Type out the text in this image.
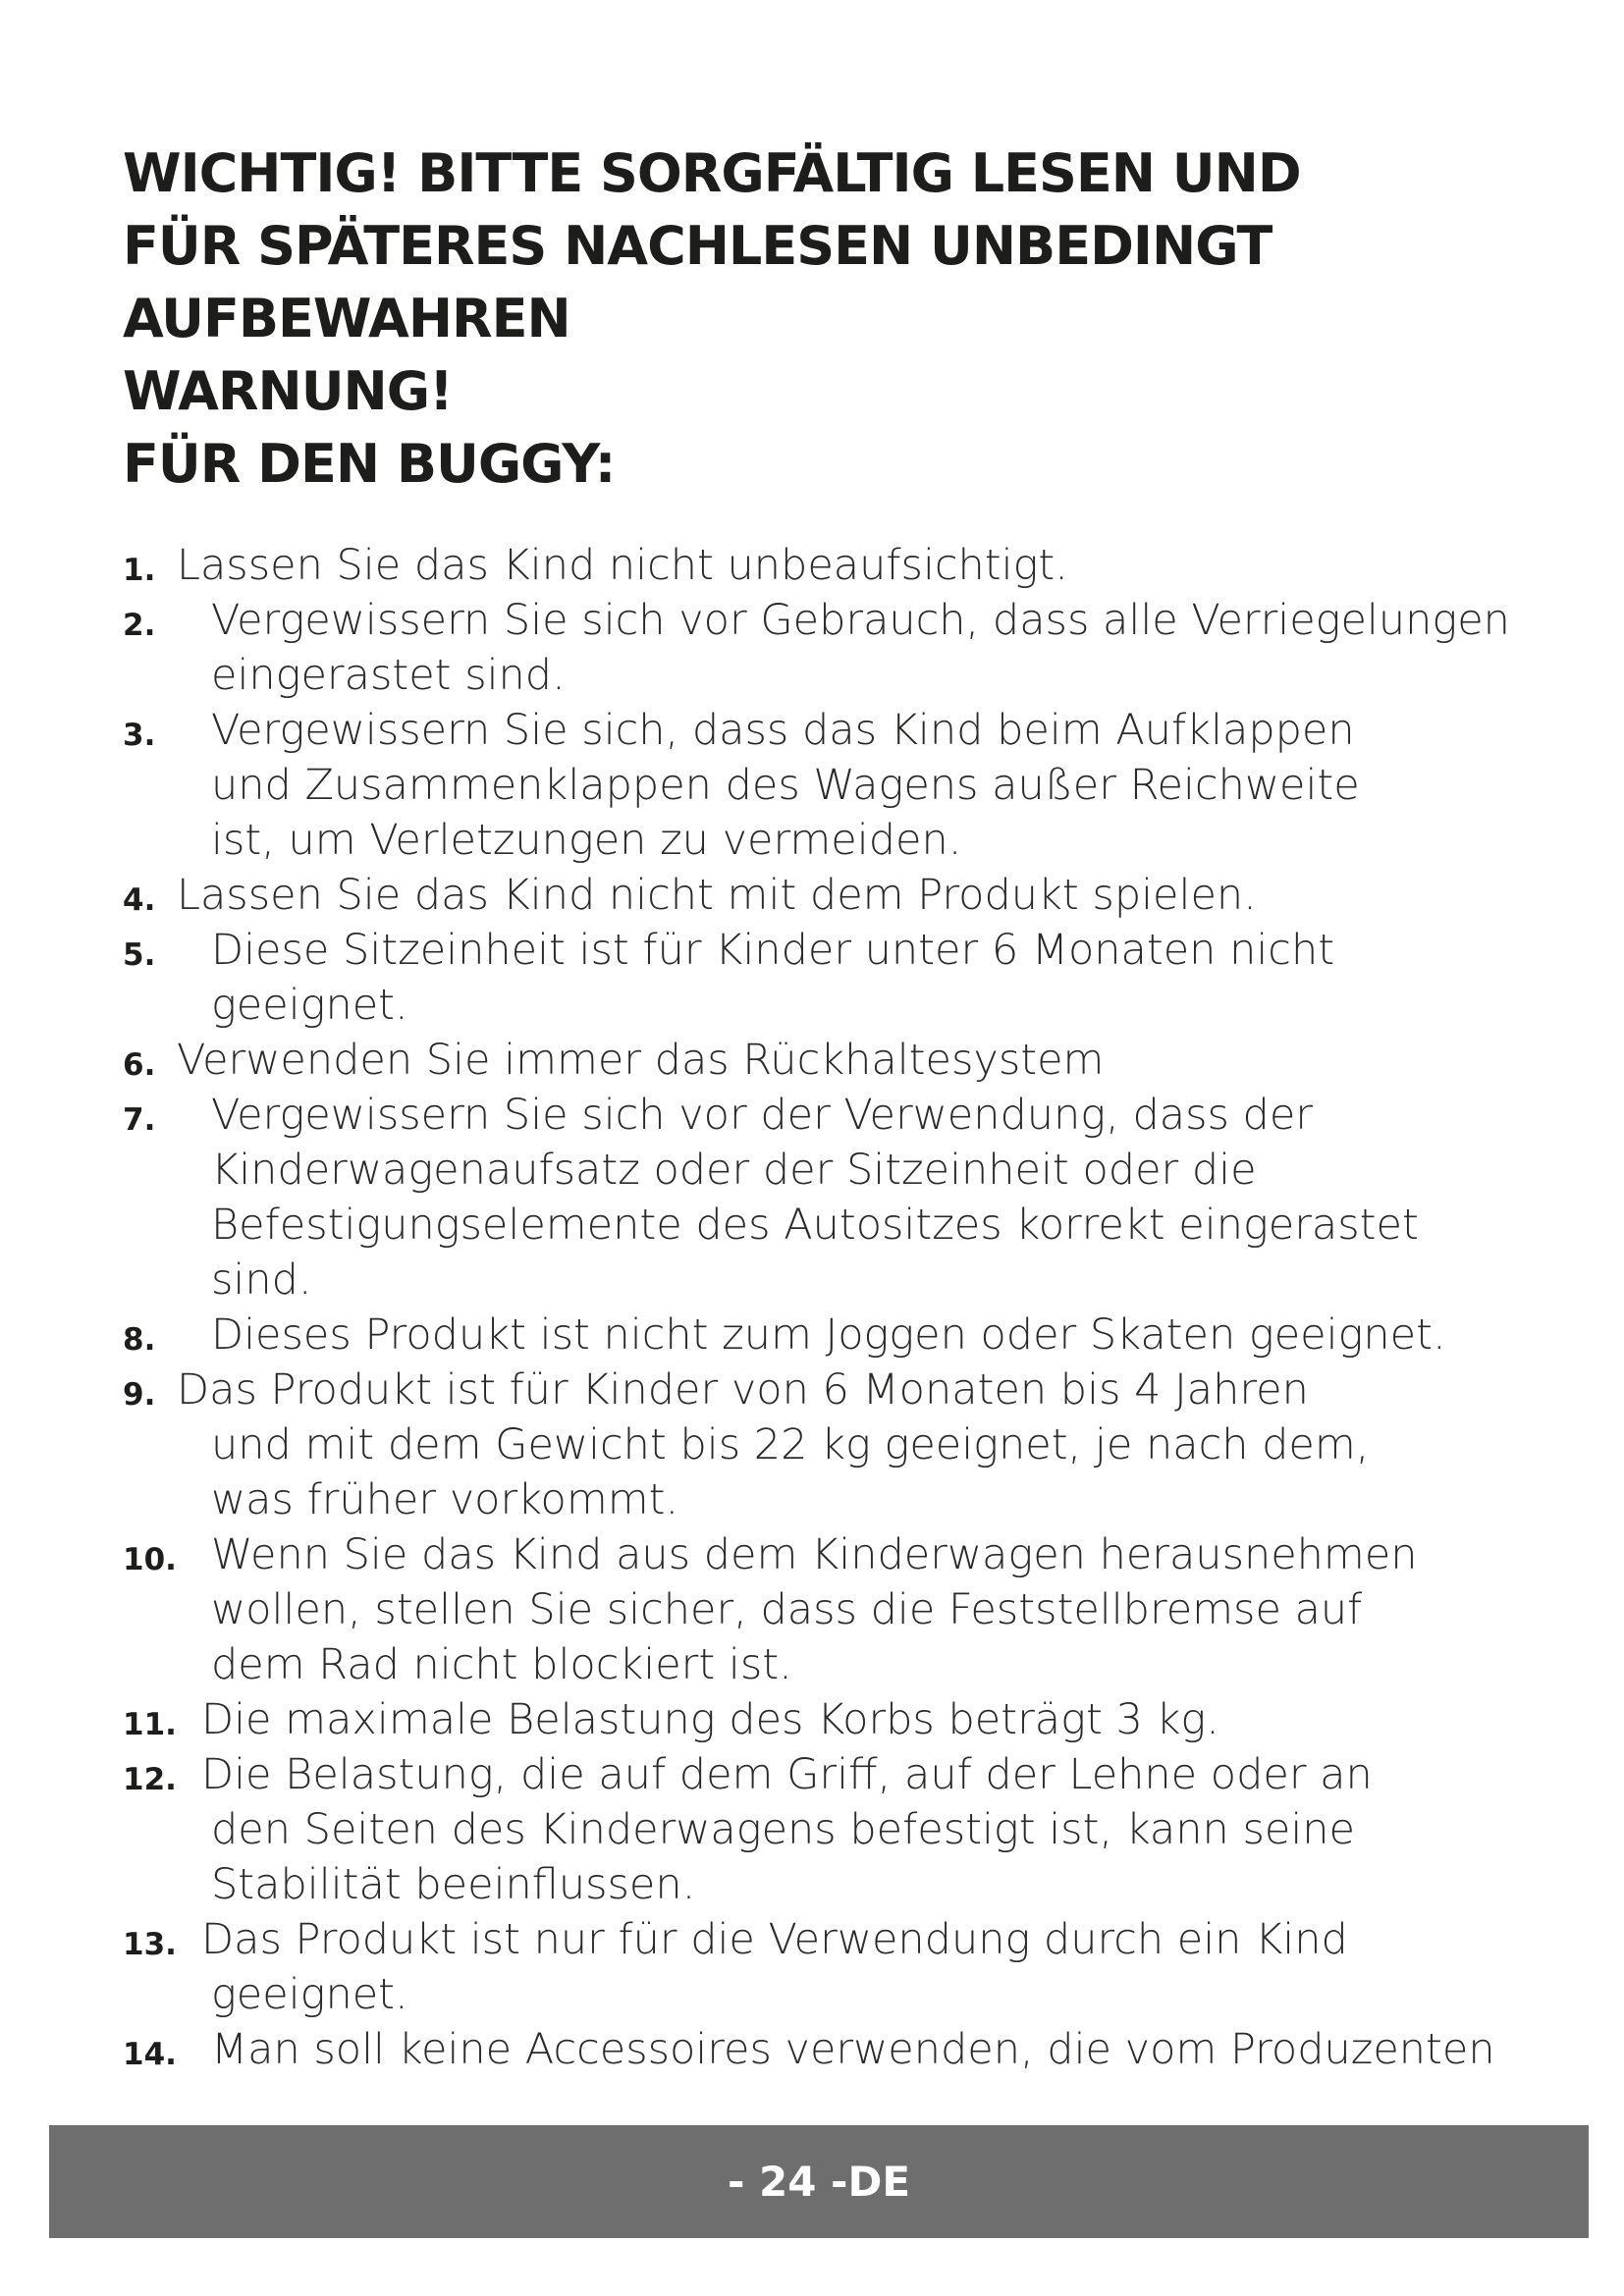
WICHTIG! BITTE SORGFÄLTIG LESEN UND
FÜR SPÄTERES NACHLESEN UNBEDINGT
AUFBEWAHREN
WARNUNG!
FÜR DEN BUGGY:
1. Lassen Sie das Kind nicht unbeaufsichtigt.
2. Vergewissern Sie sich vor Gebrauch, dass alle Verriegelungen
eingerastet sind.
3. Vergewissern Sie sich, dass das Kind beim Aufklappen
und Zusammenklappen des Wagens außer Reichweite
ist, um Verletzungen zu vermeiden.
4. Lassen Sie das Kind nicht mit dem Produkt spielen.
5. Diese Sitzeinheit ist für Kinder unter 6 Monaten nicht
geeignet.
6. Verwenden Sie immer das Rückhaltesystem
7. Vergewissern Sie sich vor der Verwendung, dass der
Kinderwagenaufsatz oder der Sitzeinheit oder die
Befestigungselemente des Autositzes korrekt eingerastet
sind.
8. Dieses Produkt ist nicht zum Joggen oder Skaten geeignet.
9. Das Produkt ist für Kinder von 6 Monaten bis 4 Jahren
und mit dem Gewicht bis 22 kg geeignet, je nach dem,
was früher vorkommt.
10. Wenn Sie das Kind aus dem Kinderwagen herausnehmen
wollen, stellen Sie sicher, dass die Feststellbremse auf
dem Rad nicht blockiert ist.
11. Die maximale Belastung des Korbs beträgt 3 kg.
12. Die Belastung, die auf dem Griff, auf der Lehne oder an
den Seiten des Kinderwagens befestigt ist, kann seine
Stabilität beeinflussen.
13. Das Produkt ist nur für die Verwendung durch ein Kind
geeignet.
14. Man soll keine Accessoires verwenden, die vom Produzenten
- 24 -DE
